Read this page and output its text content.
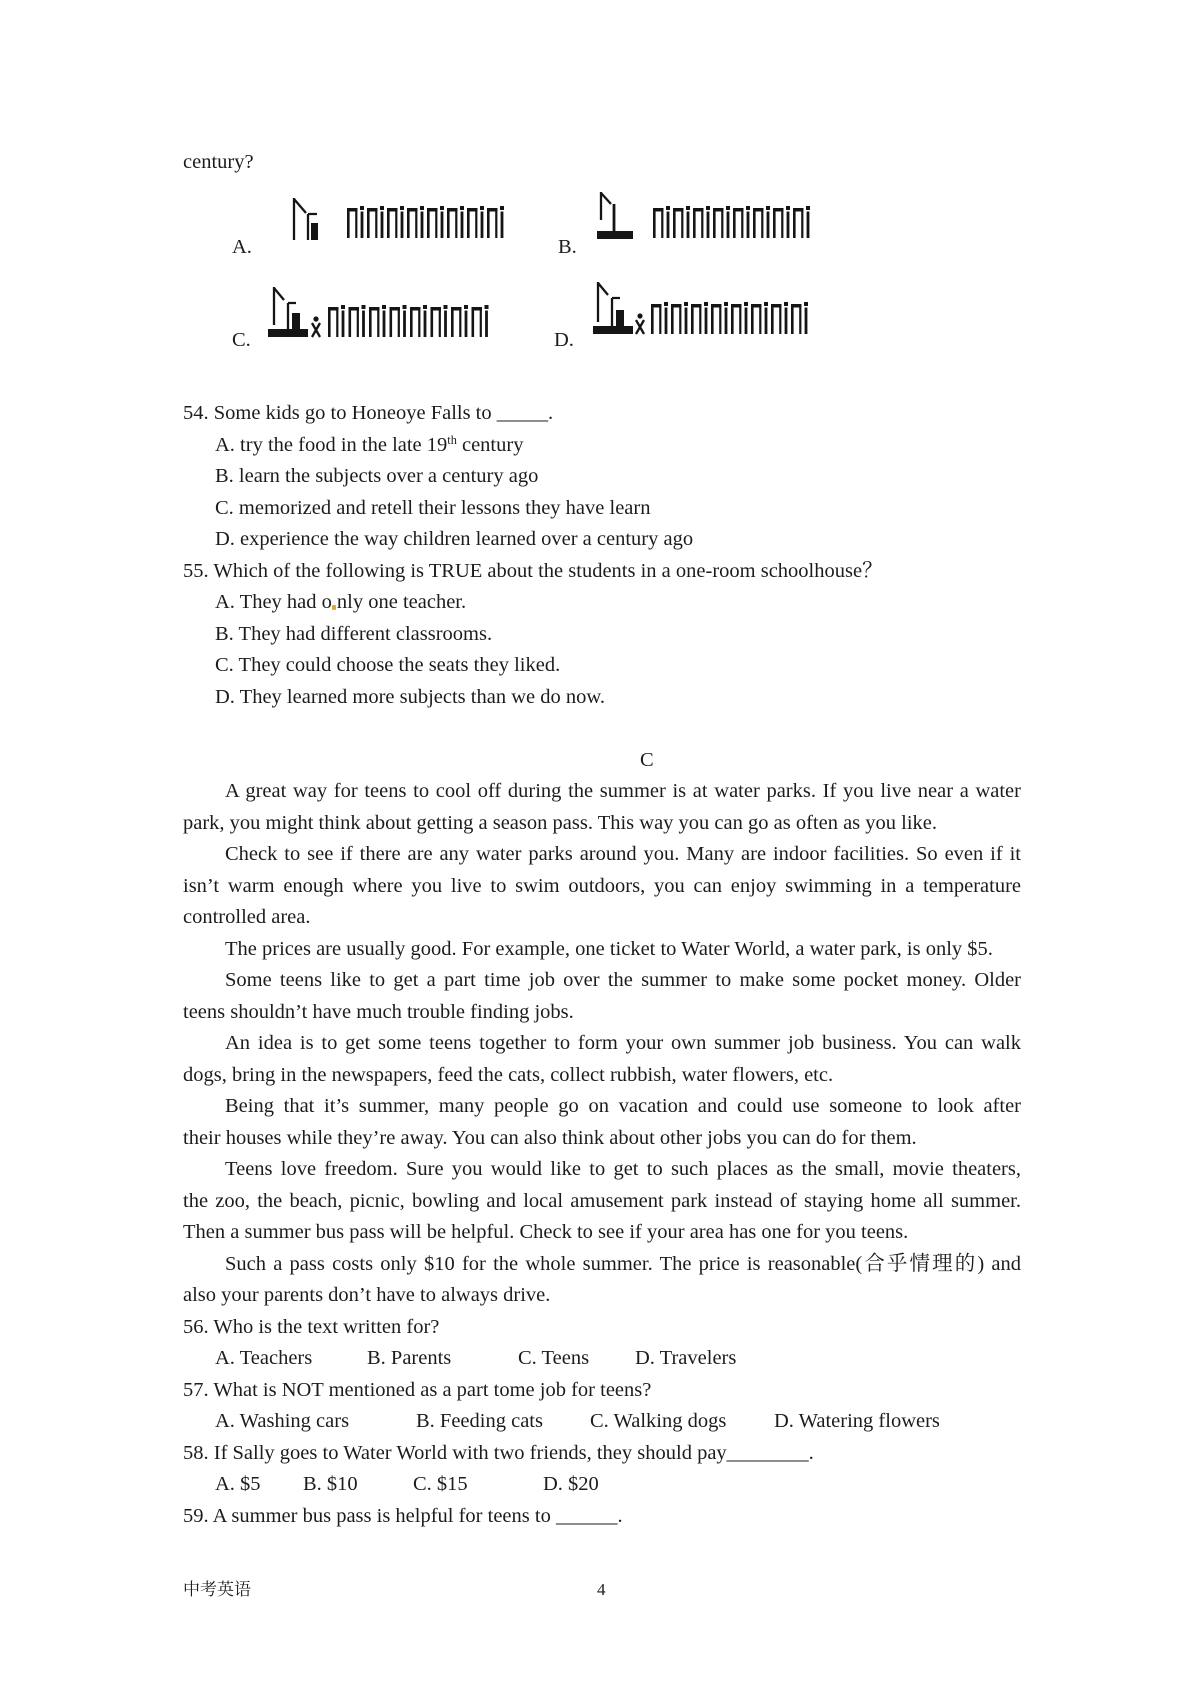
century?
A.	B.
C.	D.
54. Some kids go to Honeoye Falls to _____.
A. try the food in the late 19th century
B. learn the subjects over a century ago
C. memorized and retell their lessons they have learn
D. experience the way children learned over a century ago
55. Which of the following is TRUE about the students in a one-room schoolhouse？
A. They had o nly one teacher.
B. They had different classrooms.
C. They could choose the seats they liked.
D. They learned more subjects than we do now.
C
A great way for teens to cool off during the summer is at water parks. If you live near a water
park, you might think about getting a season pass. This way you can go as often as you like.
Check to see if there are any water parks around you. Many are indoor facilities. So even if it
isn’t warm enough where you live to swim outdoors, you can enjoy swimming in a temperature
controlled area.
The prices are usually good. For example, one ticket to Water World, a water park, is only $5.
Some teens like to get a part time job over the summer to make some pocket money. Older
teens shouldn’t have much trouble finding jobs.
An idea is to get some teens together to form your own summer job business. You can walk
dogs, bring in the newspapers, feed the cats, collect rubbish, water flowers, etc.
Being that it’s summer, many people go on vacation and could use someone to look after
their houses while they’re away. You can also think about other jobs you can do for them.
Teens love freedom. Sure you would like to get to such places as the small, movie theaters,
the zoo, the beach, picnic, bowling and local amusement park instead of staying home all summer.
Then a summer bus pass will be helpful. Check to see if your area has one for you teens.
Such a pass costs only $10 for the whole summer. The price is reasonable(合乎情理的) and
also your parents don’t have to always drive.
56. Who is the text written for?
A. Teachers	B. Parents	C. Teens D. Travelers
57. What is NOT mentioned as a part tome job for teens?
A. Washing cars	B. Feeding cats C. Walking dogs D. Watering flowers
58. If Sally goes to Water World with two friends, they should pay________.
A. $5 B. $10	C. $15	D. $20
59. A summer bus pass is helpful for teens to ______.
中考英语	4
